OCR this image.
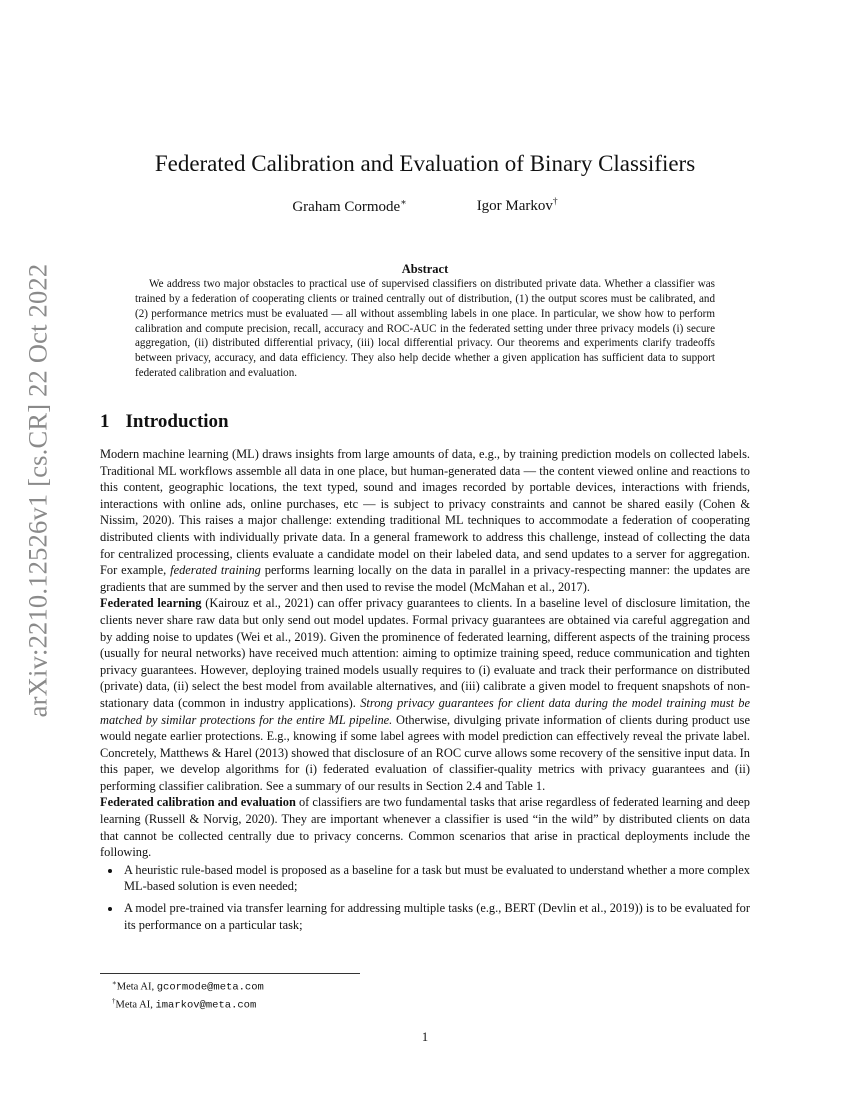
arXiv:2210.12526v1 [cs.CR] 22 Oct 2022
Federated Calibration and Evaluation of Binary Classifiers
Graham Cormode∗	Igor Markov†
Abstract

We address two major obstacles to practical use of supervised classifiers on distributed private data. Whether a classifier was trained by a federation of cooperating clients or trained centrally out of distribution, (1) the output scores must be calibrated, and (2) performance metrics must be evaluated — all without assembling labels in one place. In particular, we show how to perform calibration and compute precision, recall, accuracy and ROC-AUC in the federated setting under three privacy models (i) secure aggregation, (ii) distributed differential privacy, (iii) local differential privacy. Our theorems and experiments clarify tradeoffs between privacy, accuracy, and data efficiency. They also help decide whether a given application has sufficient data to support federated calibration and evaluation.

1 Introduction

Modern machine learning (ML) draws insights from large amounts of data, e.g., by training prediction models on collected labels. Traditional ML workflows assemble all data in one place, but human-generated data — the content viewed online and reactions to this content, geographic locations, the text typed, sound and images recorded by portable devices, interactions with friends, interactions with online ads, online purchases, etc — is subject to privacy constraints and cannot be shared easily (Cohen & Nissim, 2020). This raises a major challenge: extending traditional ML techniques to accommodate a federation of cooperating distributed clients with individually private data. In a general framework to address this challenge, instead of collecting the data for centralized processing, clients evaluate a candidate model on their labeled data, and send updates to a server for aggregation. For example, federated training performs learning locally on the data in parallel in a privacy-respecting manner: the updates are gradients that are summed by the server and then used to revise the model (McMahan et al., 2017).

Federated learning (Kairouz et al., 2021) can offer privacy guarantees to clients. In a baseline level of disclosure limitation, the clients never share raw data but only send out model updates. Formal privacy guarantees are obtained via careful aggregation and by adding noise to updates (Wei et al., 2019). Given the prominence of federated learning, different aspects of the training process (usually for neural networks) have received much attention: aiming to optimize training speed, reduce communication and tighten privacy guarantees. However, deploying trained models usually requires to (i) evaluate and track their performance on distributed (private) data, (ii) select the best model from available alternatives, and (iii) calibrate a given model to frequent snapshots of non-stationary data (common in industry applications). Strong privacy guarantees for client data during the model training must be matched by similar protections for the entire ML pipeline. Otherwise, divulging private information of clients during product use would negate earlier protections. E.g., knowing if some label agrees with model prediction can effectively reveal the private label. Concretely, Matthews & Harel (2013) showed that disclosure of an ROC curve allows some recovery of the sensitive input data. In this paper, we develop algorithms for (i) federated evaluation of classifier-quality metrics with privacy guarantees and (ii) performing classifier calibration. See a summary of our results in Section 2.4 and Table 1.

Federated calibration and evaluation of classifiers are two fundamental tasks that arise regardless of federated learning and deep learning (Russell & Norvig, 2020). They are important whenever a classifier is used “in the wild” by distributed clients on data that cannot be collected centrally due to privacy concerns. Common scenarios that arise in practical deployments include the following.

• A heuristic rule-based model is proposed as a baseline for a task but must be evaluated to understand whether a more complex ML-based solution is even needed;
• A model pre-trained via transfer learning for addressing multiple tasks (e.g., BERT (Devlin et al., 2019)) is to be evaluated for its performance on a particular task;
∗Meta AI, gcormode@meta.com
†Meta AI, imarkov@meta.com
1
